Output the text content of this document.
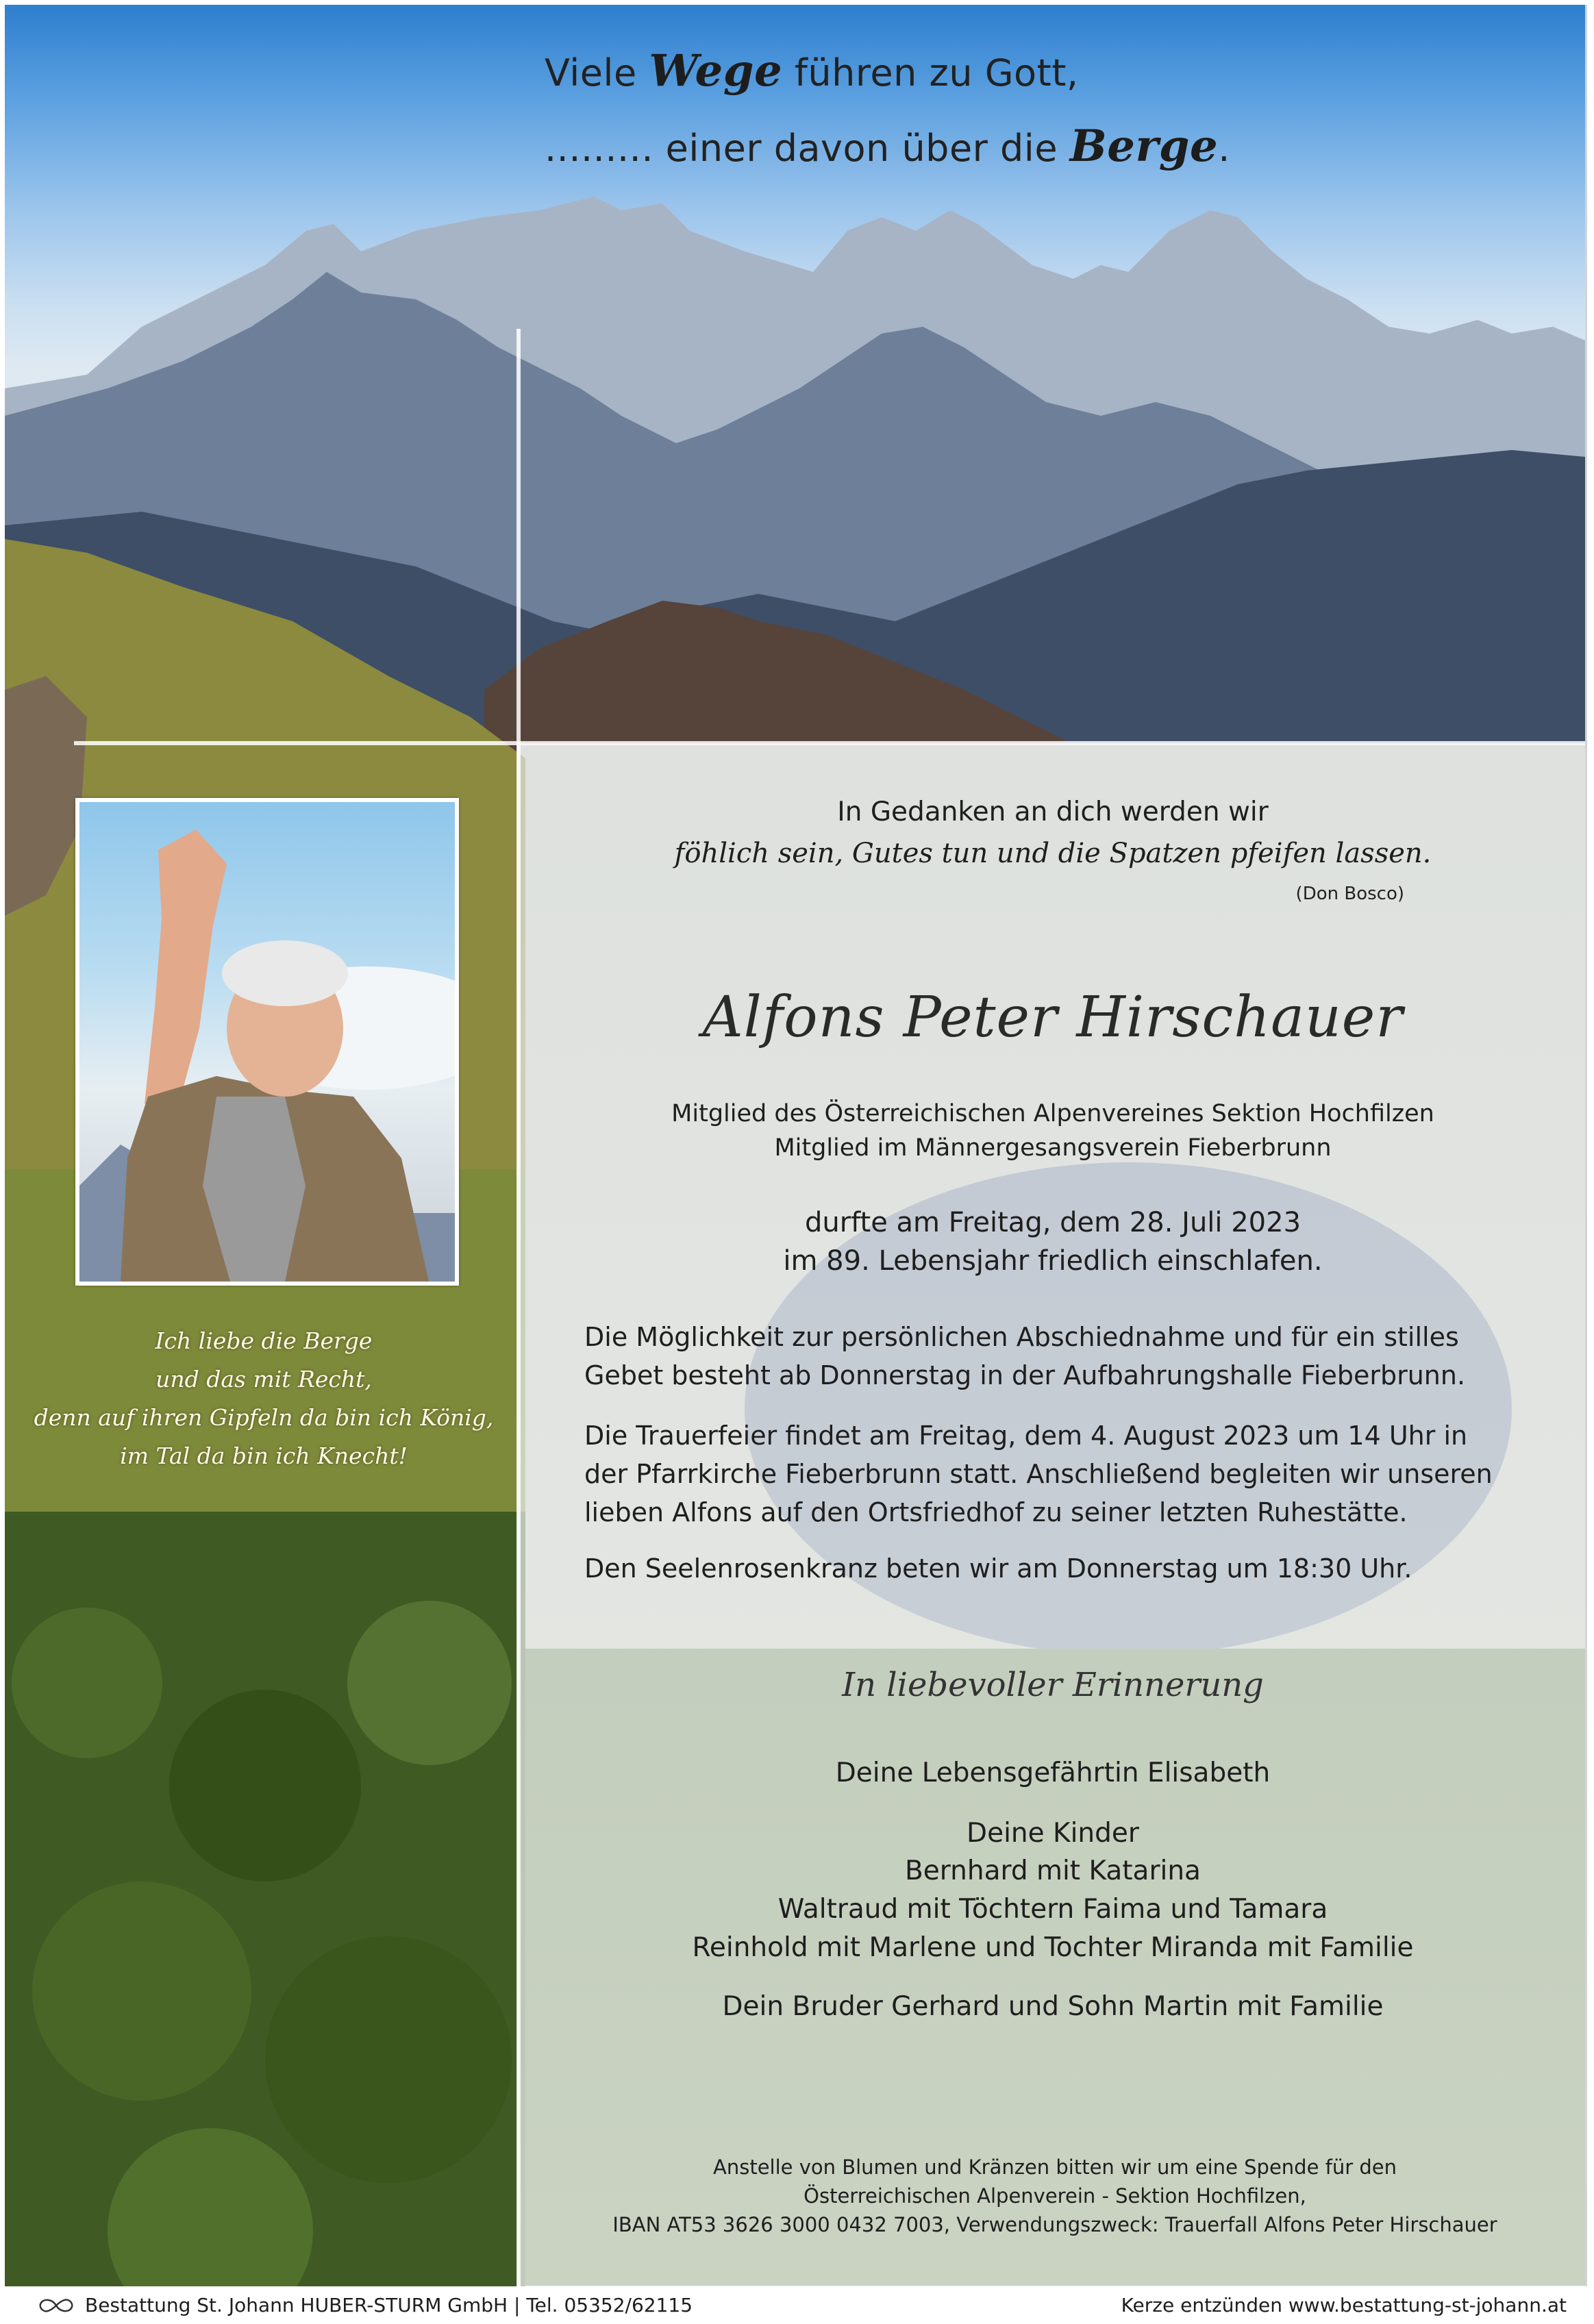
Viele Wege führen zu Gott,
......... einer davon über die Berge.
Ich liebe die Berge
und das mit Recht,
denn auf ihren Gipfeln da bin ich König,
im Tal da bin ich Knecht!
In Gedanken an dich werden wir
föhlich sein, Gutes tun und die Spatzen pfeifen lassen.
(Don Bosco)
Alfons Peter Hirschauer
Mitglied des Österreichischen Alpenvereines Sektion Hochfilzen
Mitglied im Männergesangsverein Fieberbrunn
durfte am Freitag, dem 28. Juli 2023
im 89. Lebensjahr friedlich einschlafen.
Die Möglichkeit zur persönlichen Abschiednahme und für ein stilles
Gebet besteht ab Donnerstag in der Aufbahrungshalle Fieberbrunn.
Die Trauerfeier findet am Freitag, dem 4. August 2023 um 14 Uhr in
der Pfarrkirche Fieberbrunn statt. Anschließend begleiten wir unseren
lieben Alfons auf den Ortsfriedhof zu seiner letzten Ruhestätte.
Den Seelenrosenkranz beten wir am Donnerstag um 18:30 Uhr.
In liebevoller Erinnerung
Deine Lebensgefährtin Elisabeth
Deine Kinder
Bernhard mit Katarina
Waltraud mit Töchtern Faima und Tamara
Reinhold mit Marlene und Tochter Miranda mit Familie
Dein Bruder Gerhard und Sohn Martin mit Familie
Anstelle von Blumen und Kränzen bitten wir um eine Spende für den
Österreichischen Alpenverein - Sektion Hochfilzen,
IBAN AT53 3626 3000 0432 7003, Verwendungszweck: Trauerfall Alfons Peter Hirschauer
Bestattung St. Johann HUBER-STURM GmbH | Tel. 05352/62115	Kerze entzünden www.bestattung-st-johann.at
